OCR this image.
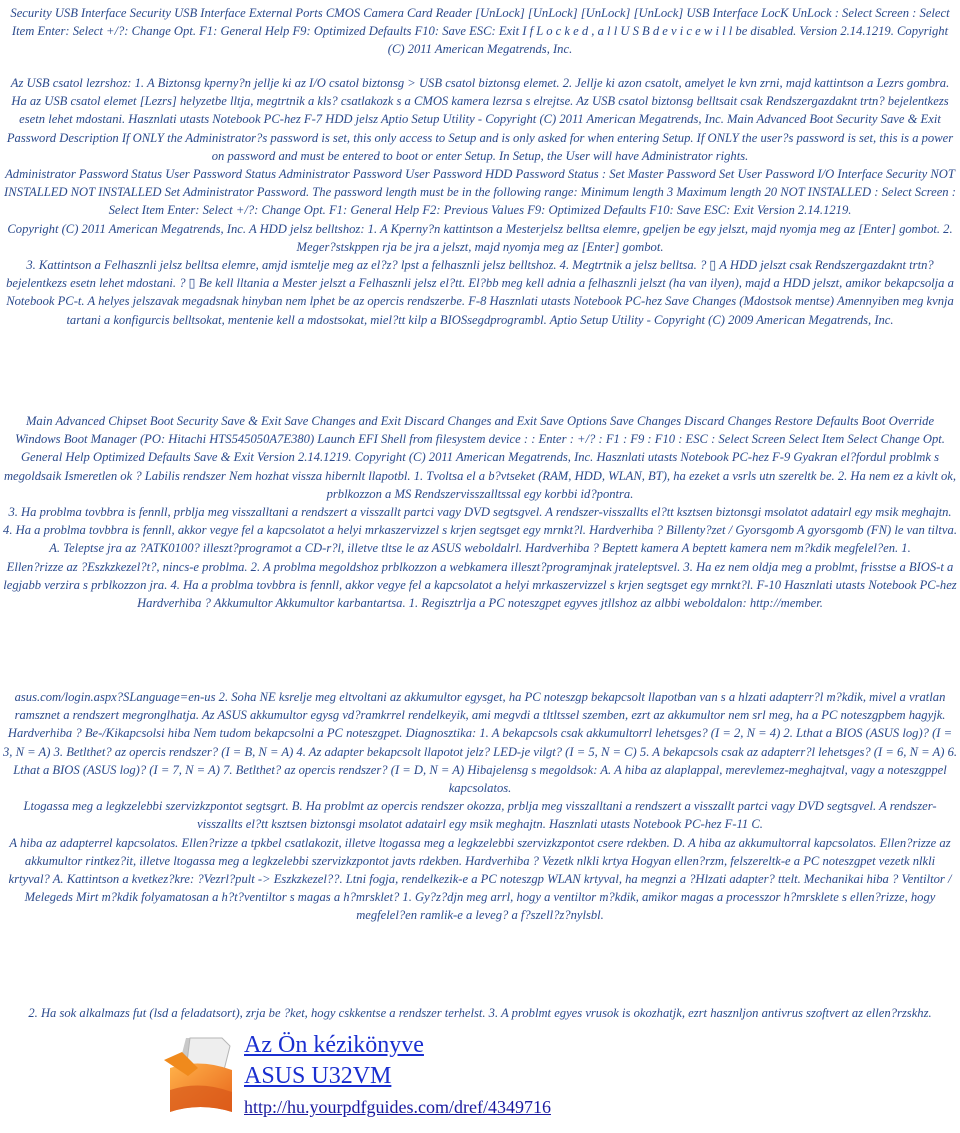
Security USB Interface Security USB Interface External Ports CMOS Camera Card Reader [UnLock] [UnLock] [UnLock] [UnLock] USB Interface LocK UnLock : Select Screen : Select Item Enter: Select +/?: Change Opt. F1: General Help F9: Optimized Defaults F10: Save ESC: Exit I f L o c k e d , a l l U S B d e v i c e w i l l be disabled. Version 2.14.1219. Copyright (C) 2011 American Megatrends, Inc.

Az USB csatol lezrshoz: 1. A Biztonsg kperny?n jellje ki az I/O csatol biztonsg > USB csatol biztonsg elemet. 2. Jellje ki azon csatolt, amelyet le kvn zrni, majd kattintson a Lezrs gombra. Ha az USB csatol elemet [Lezrs] helyzetbe lltja, megtrtnik a kls? csatlakozk s a CMOS kamera lezrsa s elrejtse. Az USB csatol biztonsg belltsait csak Rendszergazdaknt trtn? bejelentkezs esetn lehet mdostani. Hasznlati utasts Notebook PC-hez F-7 HDD jelsz Aptio Setup Utility - Copyright (C) 2011 American Megatrends, Inc. Main Advanced Boot Security Save & Exit Password Description If ONLY the Administrator?s password is set, this only access to Setup and is only asked for when entering Setup. If ONLY the user?s password is set, this is a power on password and must be entered to boot or enter Setup. In Setup, the User will have Administrator rights.

Administrator Password Status User Password Status Administrator Password User Password HDD Password Status : Set Master Password Set User Password I/O Interface Security NOT INSTALLED NOT INSTALLED Set Administrator Password. The password length must be in the following range: Minimum length 3 Maximum length 20 NOT INSTALLED : Select Screen : Select Item Enter: Select +/?: Change Opt. F1: General Help F2: Previous Values F9: Optimized Defaults F10: Save ESC: Exit Version 2.14.1219.

Copyright (C) 2011 American Megatrends, Inc. A HDD jelsz belltshoz: 1. A Kperny?n kattintson a Mesterjelsz belltsa elemre, gpeljen be egy jelszt, majd nyomja meg az [Enter] gombot. 2. Meger?stskppen rja be jra a jelszt, majd nyomja meg az [Enter] gombot.

3. Kattintson a Felhasznli jelsz belltsa elemre, amjd ismtelje meg az el?z? lpst a felhasznli jelsz belltshoz. 4. Megtrtnik a jelsz belltsa. ? ▯ A HDD jelszt csak Rendszergazdaknt trtn? bejelentkezs esetn lehet mdostani. ? ▯ Be kell lltania a Mester jelszt a Felhasznli jelsz el?tt. El?bb meg kell adnia a felhasznli jelszt (ha van ilyen), majd a HDD jelszt, amikor bekapcsolja a Notebook PC-t. A helyes jelszavak megadsnak hinyban nem lphet be az opercis rendszerbe. F-8 Hasznlati utasts Notebook PC-hez Save Changes (Mdostsok mentse) Amennyiben meg kvnja tartani a konfigurcis belltsokat, mentenie kell a mdostsokat, miel?tt kilp a BIOSsegdprogrambl. Aptio Setup Utility - Copyright (C) 2009 American Megatrends, Inc.

Main Advanced Chipset Boot Security Save & Exit Save Changes and Exit Discard Changes and Exit Save Options Save Changes Discard Changes Restore Defaults Boot Override Windows Boot Manager (PO: Hitachi HTS545050A7E380) Launch EFI Shell from filesystem device : : Enter : +/? : F1 : F9 : F10 : ESC : Select Screen Select Item Select Change Opt. General Help Optimized Defaults Save & Exit Version 2.14.1219. Copyright (C) 2011 American Megatrends, Inc. Hasznlati utasts Notebook PC-hez F-9 Gyakran el?fordul problmk s megoldsaik Ismeretlen ok ? Labilis rendszer Nem hozhat vissza hibernlt llapotbl. 1. Tvoltsa el a b?vtseket (RAM, HDD, WLAN, BT), ha ezeket a vsrls utn szereltk be. 2. Ha nem ez a kivlt ok, prblkozzon a MS Rendszervisszalltssal egy korbbi id?pontra.

3. Ha problma tovbbra is fennll, prblja meg visszalltani a rendszert a visszallt partci vagy DVD segtsgvel. A rendszer-visszallts el?tt ksztsen biztonsgi msolatot adatairl egy msik meghajtn. 4. Ha a problma tovbbra is fennll, akkor vegye fel a kapcsolatot a helyi mrkaszervizzel s krjen segtsget egy mrnkt?l. Hardverhiba ? Billenty?zet / Gyorsgomb A gyorsgomb (FN) le van tiltva. A. Teleptse jra az ?ATK0100? illeszt?programot a CD-r?l, illetve tltse le az ASUS weboldalrl. Hardverhiba ? Beptett kamera A beptett kamera nem m?kdik megfelel?en. 1.

Ellen?rizze az ?Eszkzkezel?t?, nincs-e problma. 2. A problma megoldshoz prblkozzon a webkamera illeszt?programjnak jrateleptsvel. 3. Ha ez nem oldja meg a problmt, frisstse a BIOS-t a legjabb verzira s prblkozzon jra. 4. Ha a problma tovbbra is fennll, akkor vegye fel a kapcsolatot a helyi mrkaszervizzel s krjen segtsget egy mrnkt?l. F-10 Hasznlati utasts Notebook PC-hez Hardverhiba ? Akkumultor Akkumultor karbantartsa. 1. Regisztrlja a PC noteszgpet egyves jtllshoz az albbi weboldalon: http://member.

asus.com/login.aspx?SLanguage=en-us 2. Soha NE ksrelje meg eltvoltani az akkumultor egysget, ha PC noteszgp bekapcsolt llapotban van s a hlzati adapterr?l m?kdik, mivel a vratlan ramsznet a rendszert megronglhatja. Az ASUS akkumultor egysg vd?ramkrrel rendelkeyik, ami megvdi a tltltssel szemben, ezrt az akkumultor nem srl meg, ha a PC noteszgpbem hagyjk. Hardverhiba ? Be-/Kikapcsolsi hiba Nem tudom bekapcsolni a PC noteszgpet. Diagnosztika: 1. A bekapcsols csak akkumultorrl lehetsges? (I = 2, N = 4) 2. Lthat a BIOS (ASUS log)? (I = 3, N = A) 3. Betlthet? az opercis rendszer? (I = B, N = A) 4. Az adapter bekapcsolt llapotot jelz? LED-je vilgt? (I = 5, N = C) 5. A bekapcsols csak az adapterr?l lehetsges? (I = 6, N = A) 6. Lthat a BIOS (ASUS log)? (I = 7, N = A) 7. Betlthet? az opercis rendszer? (I = D, N = A) Hibajelensg s megoldsok: A. A hiba az alaplappal, merevlemez-meghajtval, vagy a noteszgppel kapcsolatos.

Ltogassa meg a legkzelebbi szervizkzpontot segtsgrt. B. Ha problmt az opercis rendszer okozza, prblja meg visszalltani a rendszert a visszallt partci vagy DVD segtsgvel. A rendszer-visszallts el?tt ksztsen biztonsgi msolatot adatairl egy msik meghajtn. Hasznlati utasts Notebook PC-hez F-11 C.

A hiba az adapterrel kapcsolatos. Ellen?rizze a tpkbel csatlakozit, illetve ltogassa meg a legkzelebbi szervizkzpontot csere rdekben. D. A hiba az akkumultorral kapcsolatos. Ellen?rizze az akkumultor rintkez?it, illetve ltogassa meg a legkzelebbi szervizkzpontot javts rdekben. Hardverhiba ? Vezetk nlkli krtya Hogyan ellen?rzm, felszereltk-e a PC noteszgpet vezetk nlkli krtyval? A. Kattintson a kvetkez?kre: ?Vezrl?pult -> Eszkzkezel??. Ltni fogja, rendelkezik-e a PC noteszgp WLAN krtyval, ha megnzi a ?Hlzati adapter? ttelt. Mechanikai hiba ? Ventiltor / Melegeds Mirt m?kdik folyamatosan a h?t?ventiltor s magas a h?mrsklet? 1. Gy?z?djn meg arrl, hogy a ventiltor m?kdik, amikor magas a processzor h?mrsklete s ellen?rizze, hogy megfelel?en ramlik-e a leveg? a f?szell?z?nylsbl.

2. Ha sok alkalmazs fut (lsd a feladatsort), zrja be ?ket, hogy cskkentse a rendszer terhelst. 3. A problmt egyes vrusok is okozhatjk, ezrt hasznljon antivrus szoftvert az ellen?rzskhz.

Az Ön kézikönyve
ASUS U32VM
http://hu.yourpdfguides.com/dref/4349716
